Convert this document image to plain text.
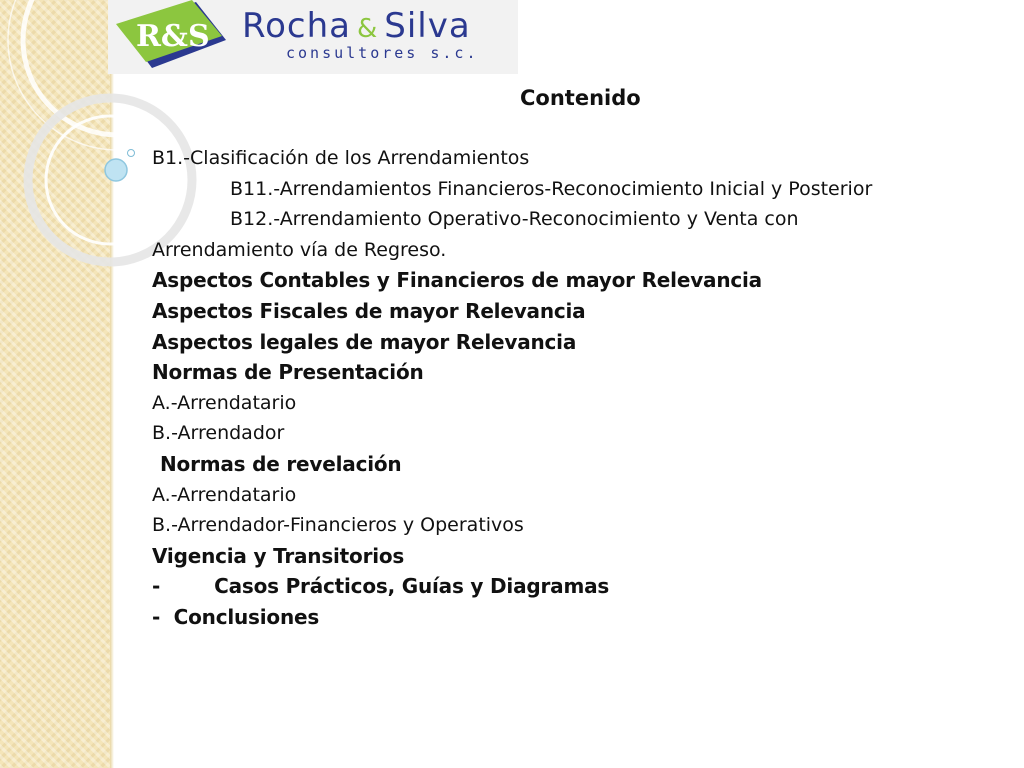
R&S Rocha & Silva
consultores s.c.
Contenido
B1.-Clasificación de los Arrendamientos
B11.-Arrendamientos Financieros-Reconocimiento Inicial y Posterior
B12.-Arrendamiento Operativo-Reconocimiento y Venta con
Arrendamiento vía de Regreso.
Aspectos Contables y Financieros de mayor Relevancia
Aspectos Fiscales de mayor Relevancia
Aspectos legales de mayor Relevancia
Normas de Presentación
A.-Arrendatario
B.-Arrendador
Normas de revelación
A.-Arrendatario
B.-Arrendador-Financieros y Operativos
Vigencia y Transitorios
-	Casos Prácticos, Guías y Diagramas
- Conclusiones
